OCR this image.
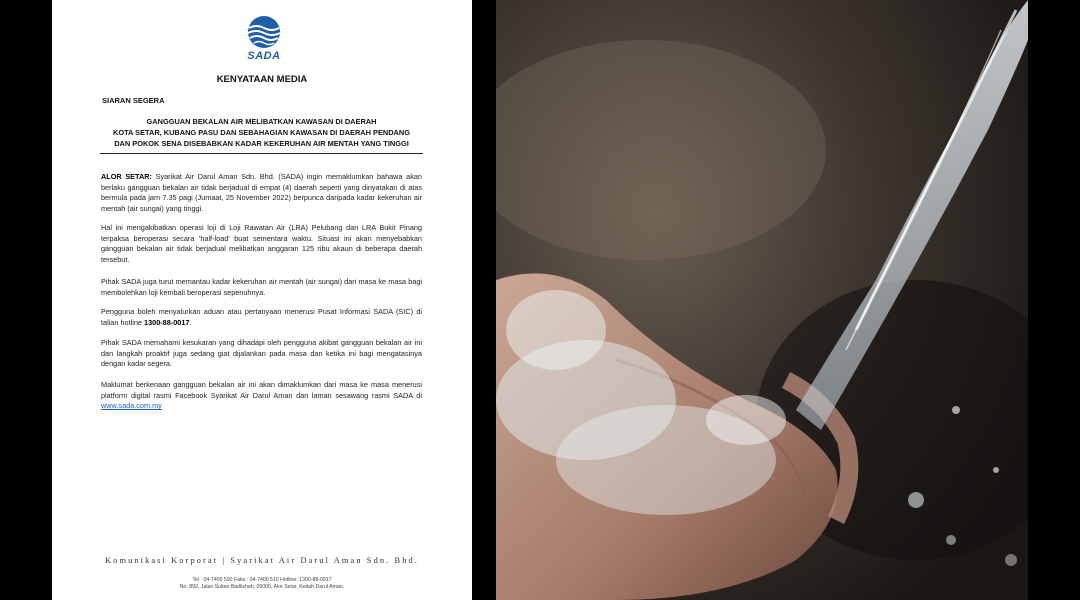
SADA
KENYATAAN MEDIA
SIARAN SEGERA
GANGGUAN BEKALAN AIR MELIBATKAN KAWASAN DI DAERAH
KOTA SETAR, KUBANG PASU DAN SEBAHAGIAN KAWASAN DI DAERAH PENDANG
DAN POKOK SENA DISEBABKAN KADAR KEKERUHAN AIR MENTAH YANG TINGGI
ALOR SETAR: Syarikat Air Darul Aman Sdn. Bhd. (SADA) ingin memaklumkan bahawa akan berlaku gangguan bekalan air tidak berjadual di empat (4) daerah seperti yang dinyatakan di atas bermula pada jam 7.35 pagi (Jumaat, 25 November 2022) berpunca daripada kadar kekeruhan air mentah (air sungai) yang tinggi.
Hal ini mengakibatkan operasi loji di Loji Rawatan Air (LRA) Pelubang dan LRA Bukit Pinang terpaksa beroperasi secara 'half-load' buat sementara waktu. Situasi ini akan menyebabkan gangguan bekalan air tidak berjadual melibatkan anggaran 125 ribu akaun di beberapa daerah tersebut.
Pihak SADA juga turut memantau kadar kekeruhan air mentah (air sungai) dari masa ke masa bagi membolehkan loji kembali beroperasi sepenuhnya.
Pengguna boleh menyalurkan aduan atau pertanyaan menerusi Pusat Informasi SADA (SIC) di talian hotline 1300-88-0017.
Pihak SADA memahami kesukaran yang dihadapi oleh pengguna akibat gangguan bekalan air ini dan langkah proaktif juga sedang giat dijalankan pada masa dan ketika ini bagi mengatasinya dengan kadar segera.
Maklumat berkenaan gangguan bekalan air ini akan dimaklumkan dari masa ke masa menerusi platform digital rasmi Facebook Syarikat Air Darul Aman dan laman sesawang rasmi SADA di www.sada.com.my
Komunikasi Korporat | Syarikat Air Darul Aman Sdn. Bhd.
Tel : 04-7400 500 Faks : 04-7400 510 Hotline: 1300-88-0017
No. 892, Jalan Sultan Badlishah, 05000, Alor Setar, Kedah Darul Aman.
